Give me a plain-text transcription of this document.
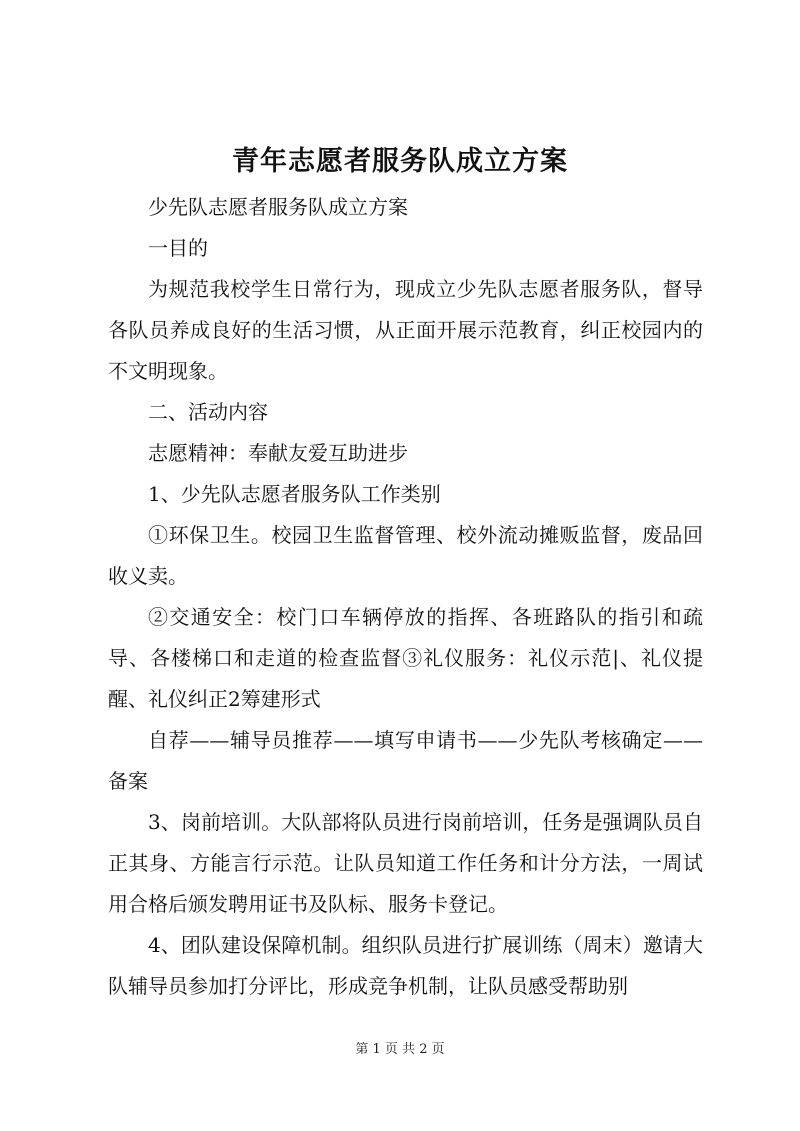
青年志愿者服务队成立方案

少先队志愿者服务队成立方案

一目的

为规范我校学生日常行为，现成立少先队志愿者服务队，督导各队员养成良好的生活习惯，从正面开展示范教育，纠正校园内的不文明现象。

二、活动内容

志愿精神：奉献友爱互助进步

1、少先队志愿者服务队工作类别

①环保卫生。校园卫生监督管理、校外流动摊贩监督，废品回收义卖。

②交通安全：校门口车辆停放的指挥、各班路队的指引和疏导、各楼梯口和走道的检查监督③礼仪服务：礼仪示范|、礼仪提醒、礼仪纠正2筹建形式

自荐——辅导员推荐——填写申请书——少先队考核确定——备案

3、岗前培训。大队部将队员进行岗前培训，任务是强调队员自正其身、方能言行示范。让队员知道工作任务和计分方法，一周试用合格后颁发聘用证书及队标、服务卡登记。

4、团队建设保障机制。组织队员进行扩展训练（周末）邀请大队辅导员参加打分评比，形成竞争机制，让队员感受帮助别

第 1 页 共 2 页
